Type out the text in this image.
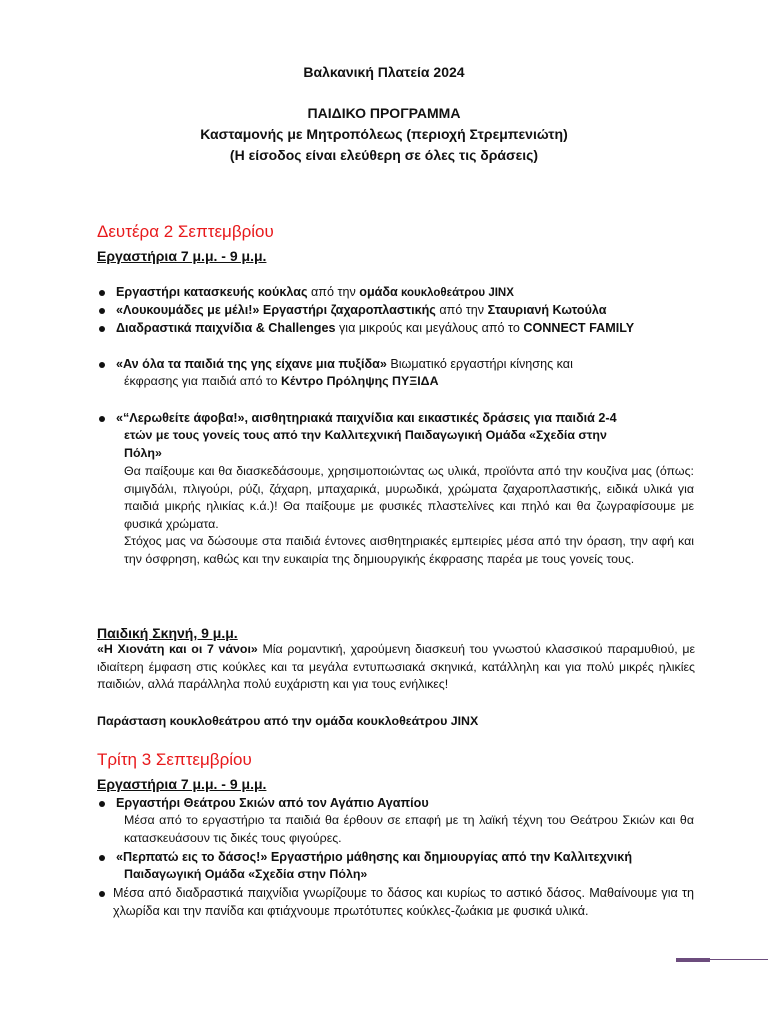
Βαλκανική Πλατεία 2024
ΠΑΙΔΙΚΟ ΠΡΟΓΡΑΜΜΑ
Κασταμονής με Μητροπόλεως (περιοχή Στρεμπενιώτη)
(Η είσοδος είναι ελεύθερη σε όλες τις δράσεις)
Δευτέρα 2 Σεπτεμβρίου
Εργαστήρια 7 μ.μ. - 9 μ.μ.
Εργαστήρι κατασκευής κούκλας από την ομάδα κουκλοθεάτρου JINX
«Λουκουμάδες με μέλι!» Εργαστήρι ζαχαροπλαστικής από την Σταυριανή Κωτούλα
Διαδραστικά παιχνίδια & Challenges για μικρούς και μεγάλους από το CONNECT FAMILY
«Αν όλα τα παιδιά της γης είχανε μια πυξίδα» Βιωματικό εργαστήρι κίνησης και
έκφρασης για παιδιά από το Κέντρο Πρόληψης ΠΥΞΙΔΑ
«“Λερωθείτε άφοβα!», αισθητηριακά παιχνίδια και εικαστικές δράσεις για παιδιά 2-4
ετών με τους γονείς τους από την Καλλιτεχνική Παιδαγωγική Ομάδα «Σχεδία στην
Πόλη»
Θα παίξουμε και θα διασκεδάσουμε, χρησιμοποιώντας ως υλικά, προϊόντα από την κουζίνα μας (όπως: σιμιγδάλι, πλιγούρι, ρύζι, ζάχαρη, μπαχαρικά, μυρωδικά, χρώματα ζαχαροπλαστικής, ειδικά υλικά για παιδιά μικρής ηλικίας κ.ά.)! Θα παίξουμε με φυσικές πλαστελίνες και πηλό και θα ζωγραφίσουμε με φυσικά χρώματα.
Στόχος μας να δώσουμε στα παιδιά έντονες αισθητηριακές εμπειρίες μέσα από την όραση, την αφή και την όσφρηση, καθώς και την ευκαιρία της δημιουργικής έκφρασης παρέα με τους γονείς τους.
Παιδική Σκηνή, 9 μ.μ.
«Η Χιονάτη και οι 7 νάνοι» Μία ρομαντική, χαρούμενη διασκευή του γνωστού κλασσικού παραμυθιού, με ιδιαίτερη έμφαση στις κούκλες και τα μεγάλα εντυπωσιακά σκηνικά, κατάλληλη και για πολύ μικρές ηλικίες παιδιών, αλλά παράλληλα πολύ ευχάριστη και για τους ενήλικες!
Παράσταση κουκλοθεάτρου από την ομάδα κουκλοθεάτρου JINX
Τρίτη 3 Σεπτεμβρίου
Εργαστήρια 7 μ.μ. - 9 μ.μ.
Εργαστήρι Θεάτρου Σκιών από τον Αγάπιο Αγαπίου
Μέσα από το εργαστήριο τα παιδιά θα έρθουν σε επαφή με τη λαϊκή τέχνη του Θεάτρου Σκιών και θα κατασκευάσουν τις δικές τους φιγούρες.
«Περπατώ εις το δάσος!» Εργαστήριο μάθησης και δημιουργίας από την Καλλιτεχνική
Παιδαγωγική Ομάδα «Σχεδία στην Πόλη»
Μέσα από διαδραστικά παιχνίδια γνωρίζουμε το δάσος και κυρίως το αστικό δάσος. Μαθαίνουμε για τη χλωρίδα και την πανίδα και φτιάχνουμε πρωτότυπες κούκλες-ζωάκια με φυσικά υλικά.
